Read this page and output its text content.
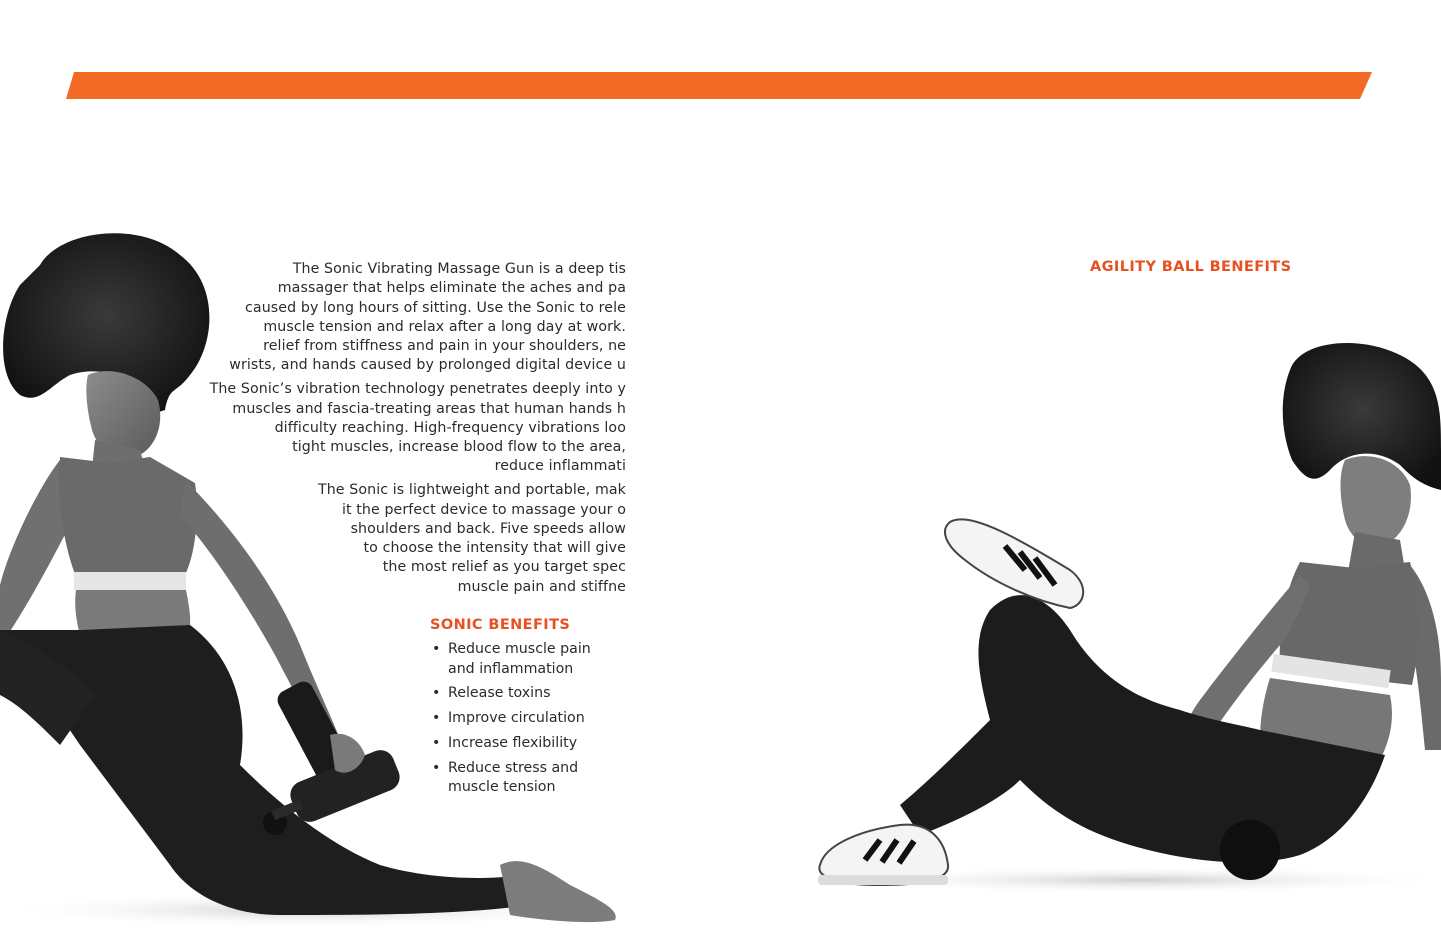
The Sonic Vibrating Massage Gun is a deep tis
massager that helps eliminate the aches and pa
caused by long hours of sitting. Use the Sonic to rele
muscle tension and relax after a long day at work.
relief from stiffness and pain in your shoulders, ne
wrists, and hands caused by prolonged digital device u
The Sonic’s vibration technology penetrates deeply into y
muscles and fascia-treating areas that human hands h
difficulty reaching. High-frequency vibrations loo
tight muscles, increase blood flow to the area,
reduce inflammati
The Sonic is lightweight and portable, mak
it the perfect device to massage your o
shoulders and back. Five speeds allow
to choose the intensity that will give
the most relief as you target spec
muscle pain and stiffne
SONIC BENEFITS
• Reduce muscle pain
and inflammation
• Release toxins
• Improve circulation
• Increase flexibility
• Reduce stress and
muscle tension
AGILITY BALL BENEFITS
